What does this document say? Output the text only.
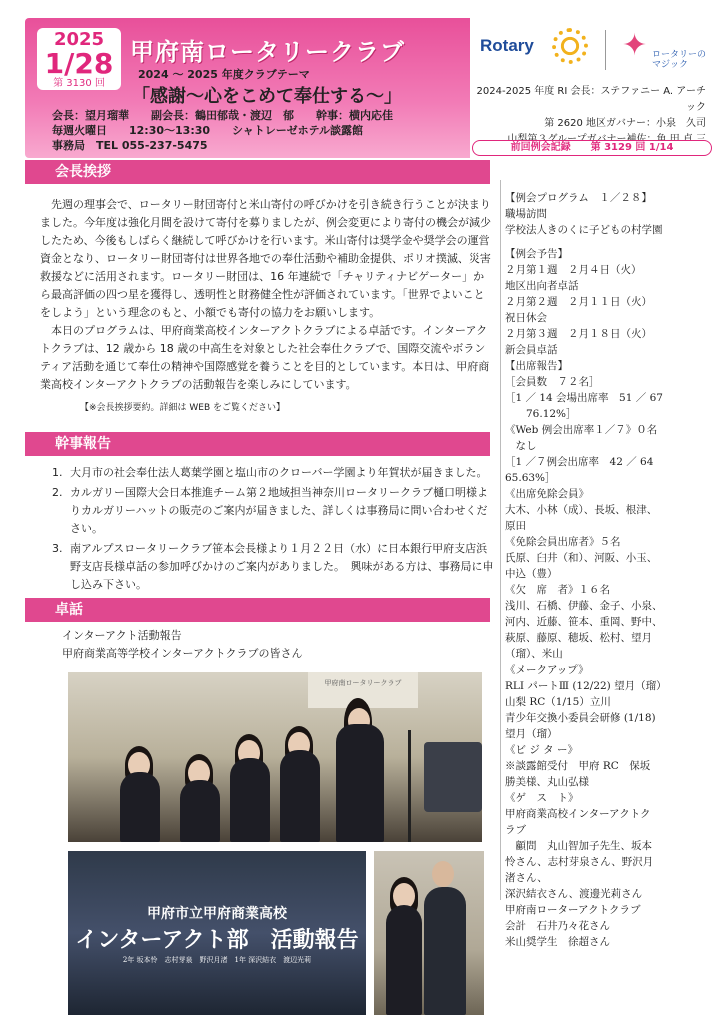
2025
1/28
第 3130 回
甲府南ロータリークラブ
2024 ～ 2025 年度クラブテーマ
「感謝～心をこめて奉仕する～」
会長：望月瑠華　　副会長：鶴田郁哉・渡辺　郁　　幹事：横内応佳
毎週火曜日　　12:30～13:30　　シャトレーゼホテル談露館
事務局　TEL 055-237-5475
Rotary	✦ ロータリーの
マジック
2024-2025 年度 RI 会長：ステファニー A. アーチック
第 2620 地区ガバナー：小泉　久司
前回例会記録　　第 3129 回 1/14
会長挨拶

先週の理事会で、ロータリー財団寄付と米山寄付の呼びかけを引き続き行うことが決まりました。今年度は強化月間を設けて寄付を募りましたが、例会変更により寄付の機会が減少したため、今後もしばらく継続して呼びかけを行います。米山寄付は奨学金や奨学会の運営資金となり、ロータリー財団寄付は世界各地での奉仕活動や補助金提供、ポリオ撲滅、災害救援などに活用されます。ロータリー財団は、16 年連続で「チャリティナビゲーター」から最高評価の四つ星を獲得し、透明性と財務健全性が評価されています。「世界でよいことをしよう」という理念のもと、小額でも寄付の協力をお願いします。

本日のプログラムは、甲府商業高校インターアクトクラブによる卓話です。インターアクトクラブは、12 歳から 18 歳の中高生を対象とした社会奉仕クラブで、国際交流やボランティア活動を通じて奉仕の精神や国際感覚を養うことを目的としています。本日は、甲府商業高校インターアクトクラブの活動報告を楽しみにしています。

【※会長挨拶要約。詳細は WEB をご覧ください】
幹事報告
1. 大月市の社会奉仕法人葛葉学園と塩山市のクローバー学園より年賀状が届きました。
2. カルガリー国際大会日本推進チーム第２地域担当神奈川ロータリークラブ樋口明様よりカルガリーハットの販売のご案内が届きました、詳しくは事務局に問い合わせください。
3. 南アルプスロータリークラブ笹本会長様より１月２２日（水）に日本銀行甲府支店浜野支店長様卓話の参加呼びかけのご案内がありました。　興味がある方は、事務局に申し込み下さい。
卓話
インターアクト活動報告
甲府商業高等学校インターアクトクラブの皆さん
甲府南ロータリークラブ
甲府市立甲府商業高校
インターアクト部　活動報告
2年 坂本怜　志村芽泉　野沢月渚　1年 深沢結衣　渡辺光莉
【例会プログラム　１／２８】
職場訪問
学校法人きのくに子どもの村学園
【例会予告】
２月第１週　２月４日（火）
地区出向者卓話
２月第２週　２月１１日（火）
祝日休会
２月第３週　２月１８日（火）
新会員卓話
【出席報告】
［会員数　７２名］
［1 ／ 14 会場出席率　51 ／ 67
　　76.12%］
《Web 例会出席率１／７》０名
　なし
［1 ／７例会出席率　42 ／ 64
65.63%］
《出席免除会員》
大木、小林（成）、長坂、根津、
原田
《免除会員出席者》５名
氏原、臼井（和）、河阪、小玉、
中込（豊）
《欠　席　者》１６名
浅川、石橋、伊藤、金子、小泉、
河内、近藤、笹本、重岡、野中、
萩原、藤原、穂坂、松村、望月
（瑠）、米山
《メークアップ》
RLI パートⅢ (12/22) 望月（瑠）
山梨 RC（1/15）立川
青少年交換小委員会研修 (1/18)
望月（瑠）
《ビ ジ タ ー》
※談露館受付　甲府 RC　保坂
勝美様、丸山弘様
《ゲ　ス　ト》
甲府商業高校インターアクトク
ラブ
　顧問　丸山智加子先生、坂本
怜さん、志村芽泉さん、野沢月
渚さん、
深沢結衣さん、渡邊光莉さん
甲府南ローターアクトクラブ
会計　石井乃々花さん
米山奨学生　徐超さん
